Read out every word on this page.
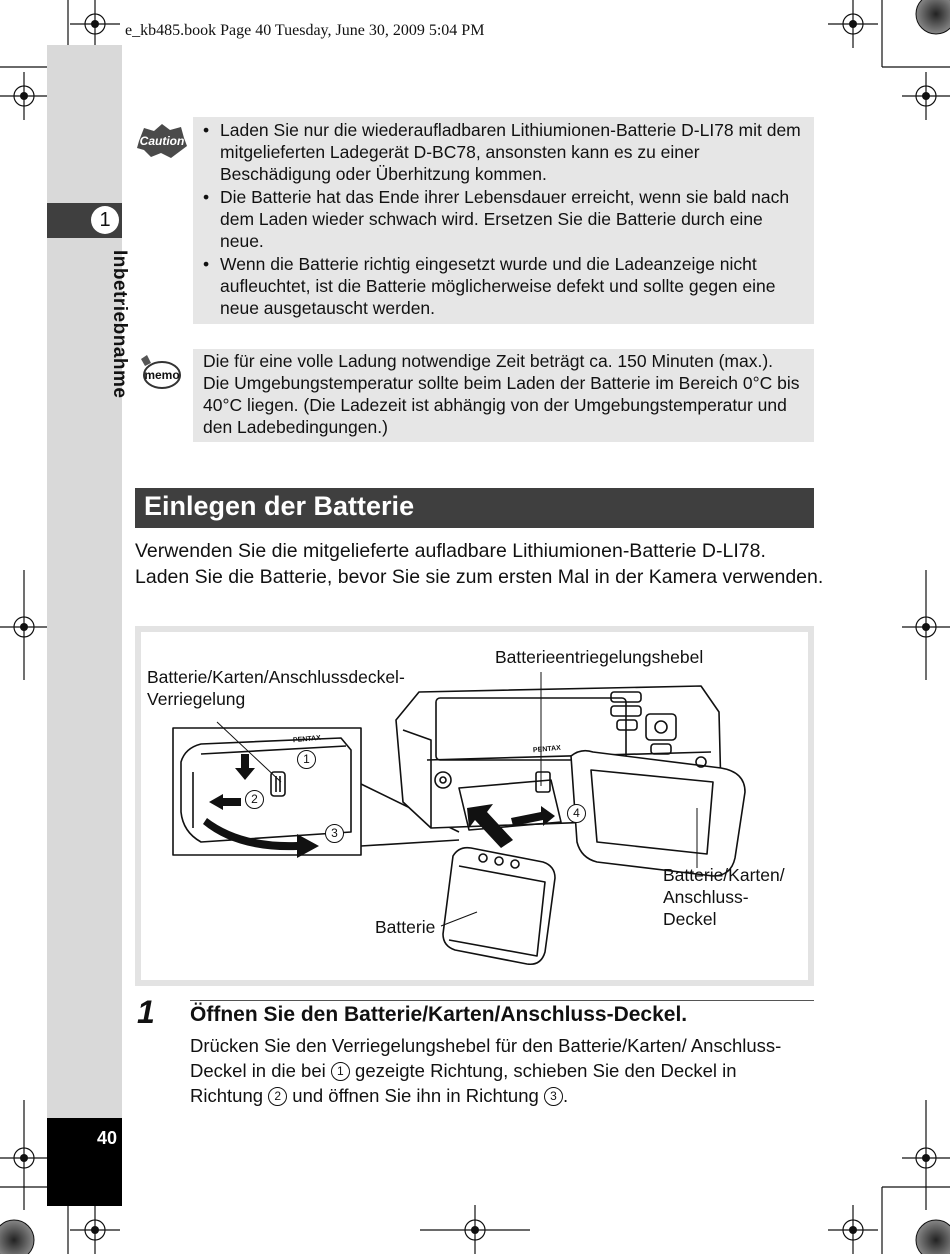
e_kb485.book Page 40 Tuesday, June 30, 2009 5:04 PM
1
Inbetriebnahme
40
Caution
• Laden Sie nur die wiederaufladbaren Lithiumionen-Batterie D-LI78 mit dem mitgelieferten Ladegerät D-BC78, ansonsten kann es zu einer Beschädigung oder Überhitzung kommen.
• Die Batterie hat das Ende ihrer Lebensdauer erreicht, wenn sie bald nach dem Laden wieder schwach wird. Ersetzen Sie die Batterie durch eine neue.
• Wenn die Batterie richtig eingesetzt wurde und die Ladeanzeige nicht aufleuchtet, ist die Batterie möglicherweise defekt und sollte gegen eine neue ausgetauscht werden.
memo
Die für eine volle Ladung notwendige Zeit beträgt ca. 150 Minuten (max.). Die Umgebungstemperatur sollte beim Laden der Batterie im Bereich 0°C bis 40°C liegen. (Die Ladezeit ist abhängig von der Umgebungstemperatur und den Ladebedingungen.)
Einlegen der Batterie
Verwenden Sie die mitgelieferte aufladbare Lithiumionen-Batterie D-LI78. Laden Sie die Batterie, bevor Sie sie zum ersten Mal in der Kamera verwenden.
PENTAX
PENTAX
1
2
3
4
Batterie/Karten/Anschlussdeckel-
Verriegelung
Batterieentriegelungshebel
Batterie/Karten/
Anschluss-
Deckel
Batterie
1 Öffnen Sie den Batterie/Karten/Anschluss-Deckel.
Drücken Sie den Verriegelungshebel für den Batterie/Karten/ Anschluss-Deckel in die bei 1 gezeigte Richtung, schieben Sie den Deckel in Richtung 2 und öffnen Sie ihn in Richtung 3 .
